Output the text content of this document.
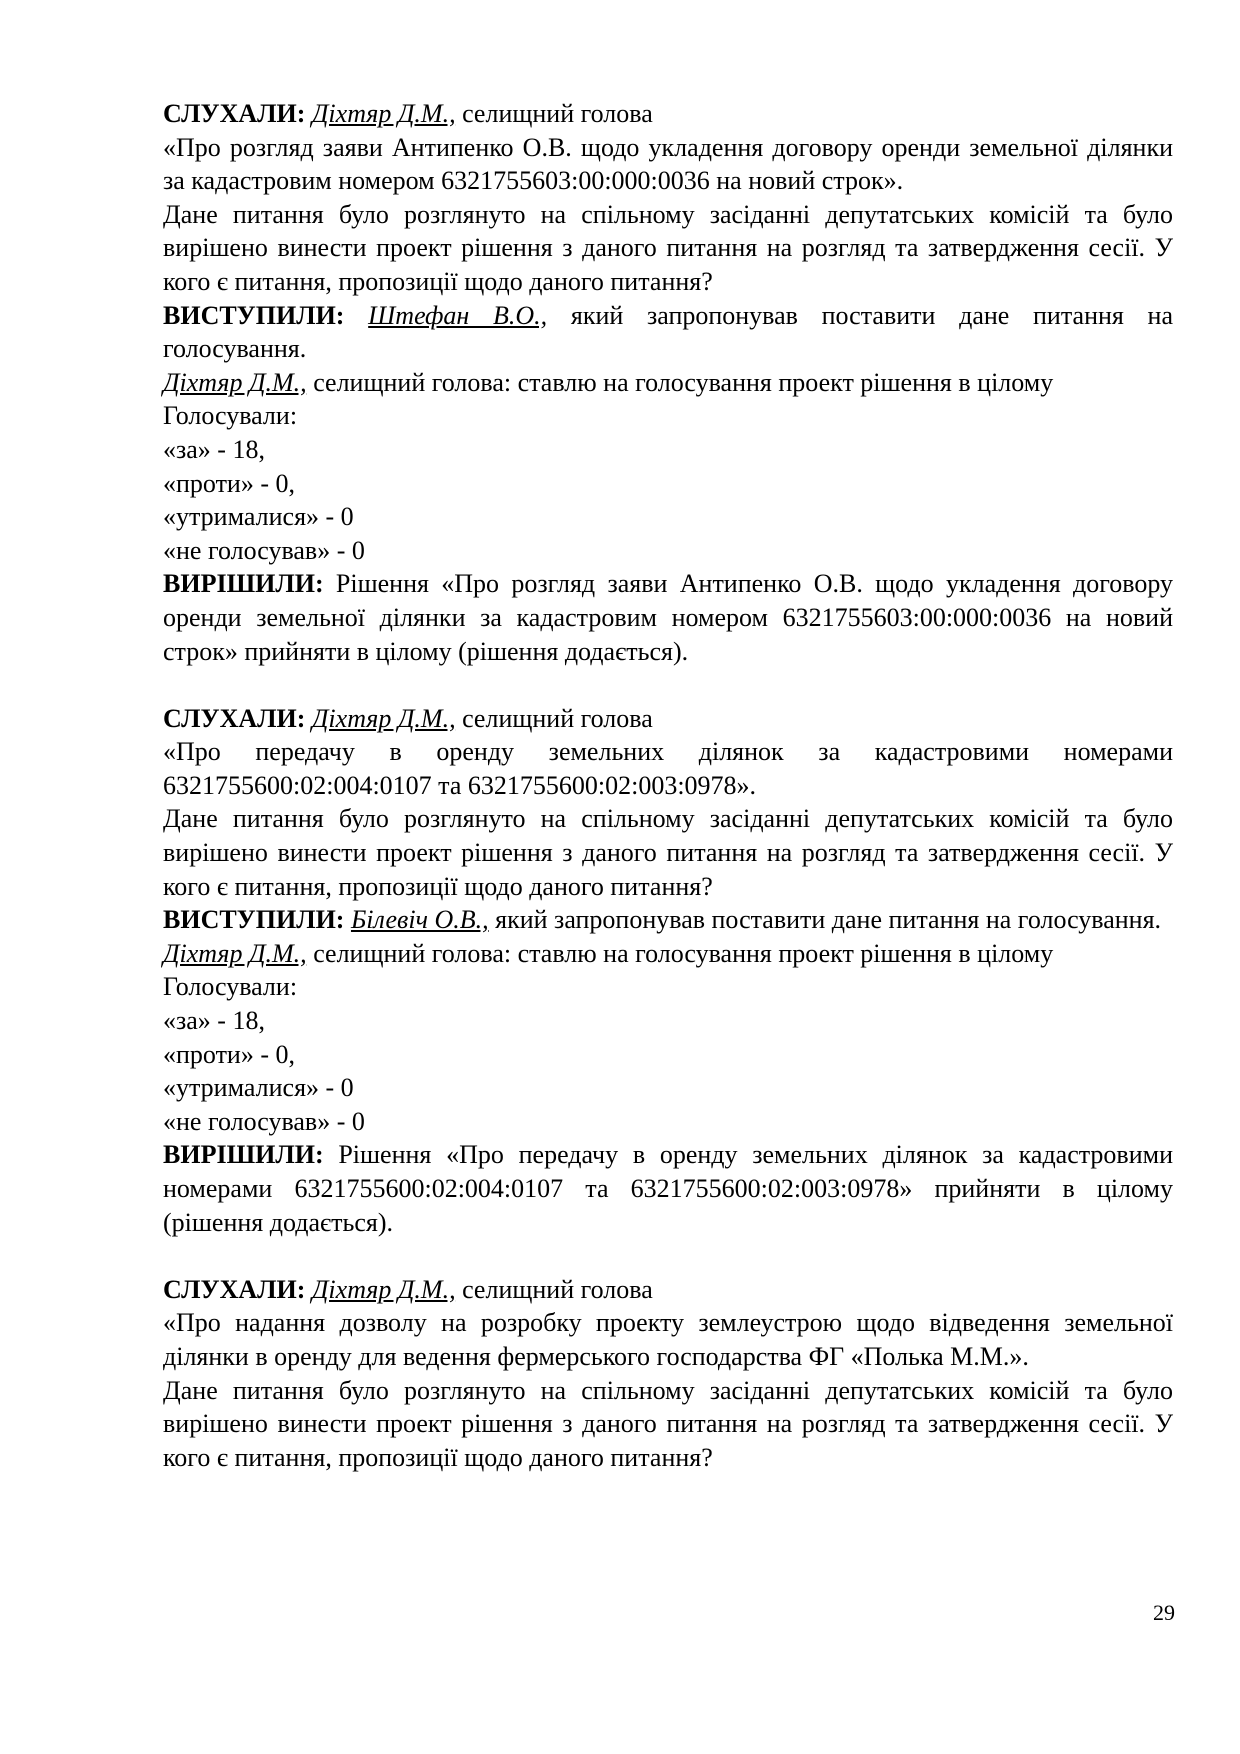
СЛУХАЛИ: Діхтяр Д.М., селищний голова

«Про розгляд заяви Антипенко О.В. щодо укладення договору оренди земельної ділянки за кадастровим номером 6321755603:00:000:0036 на новий строк».

Дане питання було розглянуто на спільному засіданні депутатських комісій та було вирішено винести проект рішення з даного питання на розгляд та затвердження сесії. У кого є питання, пропозиції щодо даного питання?

ВИСТУПИЛИ: Штефан В.О., який запропонував поставити дане питання на голосування.

Діхтяр Д.М., селищний голова: ставлю на голосування проект рішення в цілому

Голосували:

«за» - 18,

«проти» - 0,

«утрималися» - 0

«не голосував» - 0

ВИРІШИЛИ: Рішення «Про розгляд заяви Антипенко О.В. щодо укладення договору оренди земельної ділянки за кадастровим номером 6321755603:00:000:0036 на новий строк» прийняти в цілому (рішення додається).

СЛУХАЛИ: Діхтяр Д.М., селищний голова

«Про передачу в оренду земельних ділянок за кадастровими номерами 6321755600:02:004:0107 та 6321755600:02:003:0978».

Дане питання було розглянуто на спільному засіданні депутатських комісій та було вирішено винести проект рішення з даного питання на розгляд та затвердження сесії. У кого є питання, пропозиції щодо даного питання?

ВИСТУПИЛИ: Білевіч О.В., який запропонував поставити дане питання на голосування.

Діхтяр Д.М., селищний голова: ставлю на голосування проект рішення в цілому

Голосували:

«за» - 18,

«проти» - 0,

«утрималися» - 0

«не голосував» - 0

ВИРІШИЛИ: Рішення «Про передачу в оренду земельних ділянок за кадастровими номерами 6321755600:02:004:0107 та 6321755600:02:003:0978» прийняти в цілому (рішення додається).

СЛУХАЛИ: Діхтяр Д.М., селищний голова

«Про надання дозволу на розробку проекту землеустрою щодо відведення земельної ділянки в оренду для ведення фермерського господарства ФГ «Полька М.М.».

Дане питання було розглянуто на спільному засіданні депутатських комісій та було вирішено винести проект рішення з даного питання на розгляд та затвердження сесії. У кого є питання, пропозиції щодо даного питання?

29
